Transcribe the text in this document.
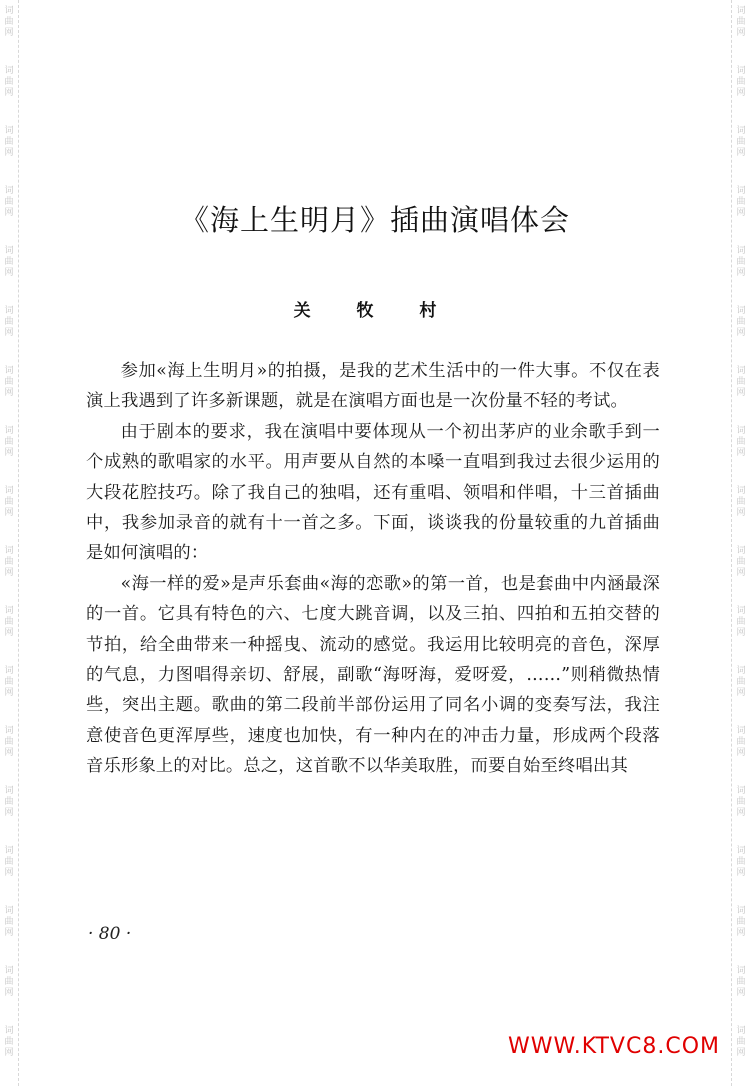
词
曲
网
词
曲
网
词
曲
网
词
曲
网
词
曲
网
词
曲
网
词
曲
网
词
曲
网
词
曲
网
词
曲
网
词
曲
网
词
曲
网
词
曲
网
词
曲
网
词
曲
网
词
曲
网
词
曲
网
词
曲
网
词
曲
网
词
曲
网
词
曲
网
词
曲
网
词
曲
网
词
曲
网
词
曲
网
词
曲
网
词
曲
网
词
曲
网
词
曲
网
词
曲
网
词
曲
网
词
曲
网
词
曲
网
词
曲
网
词
曲
网
词
曲
网
《海上生明月》插曲演唱体会
关 牧 村

参加«海上生明月»的拍摄，是我的艺术生活中的一件大事。不仅在表演上我遇到了许多新课题，就是在演唱方面也是一次份量不轻的考试。

由于剧本的要求，我在演唱中要体现从一个初出茅庐的业余歌手到一个成熟的歌唱家的水平。用声要从自然的本嗓一直唱到我过去很少运用的大段花腔技巧。除了我自己的独唱，还有重唱、领唱和伴唱，十三首插曲中，我参加录音的就有十一首之多。下面，谈谈我的份量较重的九首插曲是如何演唱的：

«海一样的爱»是声乐套曲«海的恋歌»的第一首，也是套曲中内涵最深的一首。它具有特色的六、七度大跳音调，以及三拍、四拍和五拍交替的节拍，给全曲带来一种摇曳、流动的感觉。我运用比较明亮的音色，深厚的气息，力图唱得亲切、舒展，副歌“海呀海，爱呀爱，……”则稍微热情些，突出主题。歌曲的第二段前半部份运用了同名小调的变奏写法，我注意使音色更浑厚些，速度也加快，有一种内在的冲击力量，形成两个段落音乐形象上的对比。总之，这首歌不以华美取胜，而要自始至终唱出其

· 80 ·
WWW.KTVC8.COM
